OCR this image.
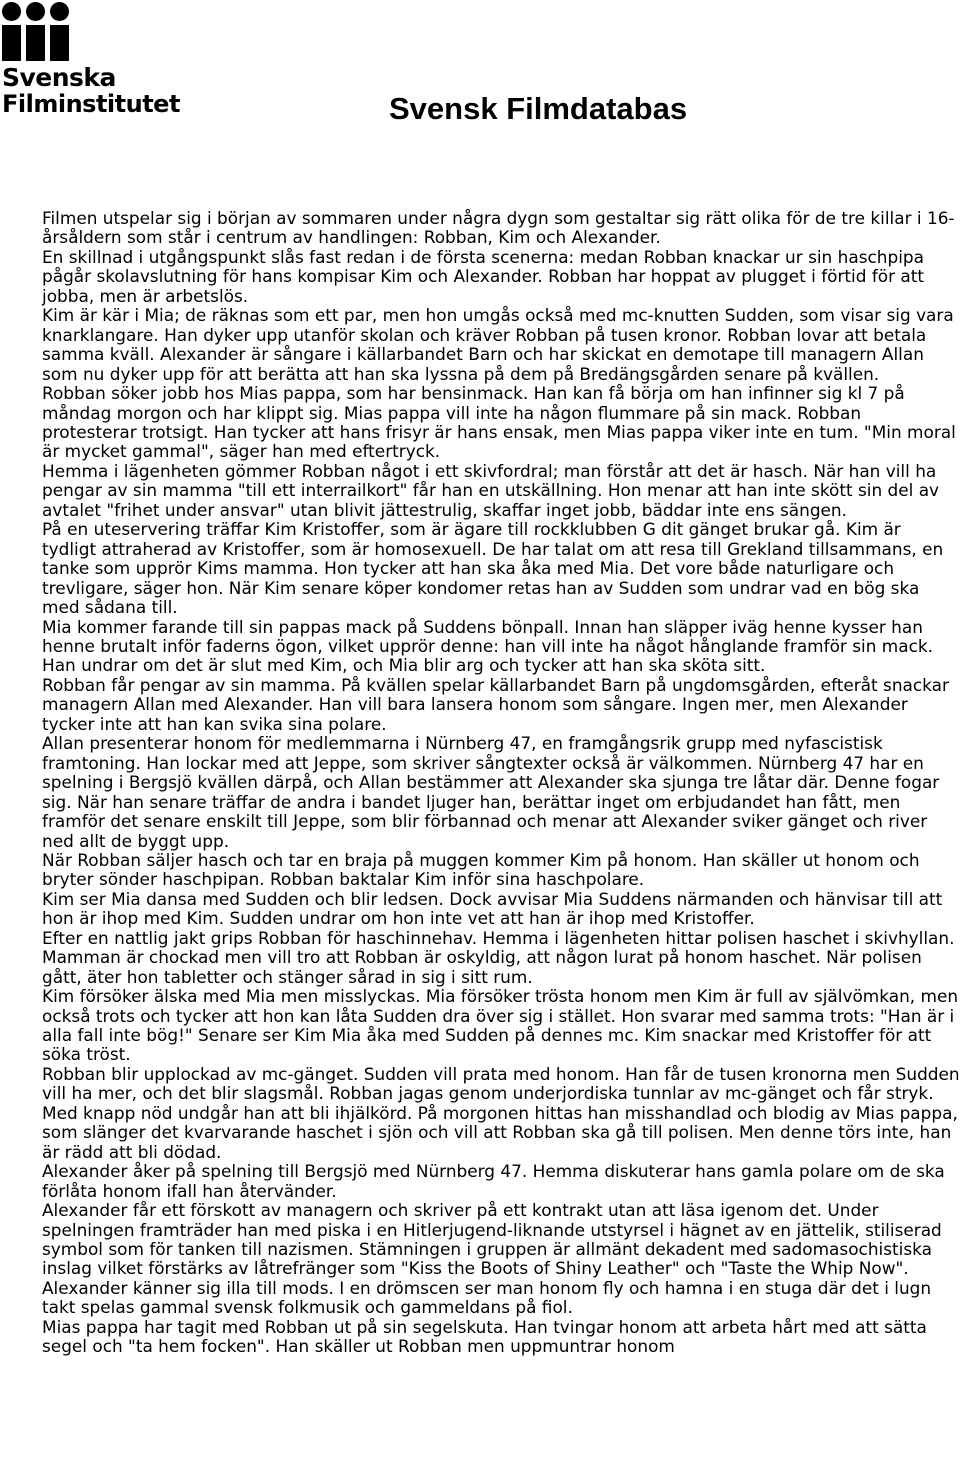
Svenska
Filminstitutet	Svensk Filmdatabas

Filmen utspelar sig i början av sommaren under några dygn som gestaltar sig rätt olika för de tre killar i 16-årsåldern som står i centrum av handlingen: Robban, Kim och Alexander.

En skillnad i utgångspunkt slås fast redan i de första scenerna: medan Robban knackar ur sin haschpipa pågår skolavslutning för hans kompisar Kim och Alexander. Robban har hoppat av plugget i förtid för att jobba, men är arbetslös.

Kim är kär i Mia; de räknas som ett par, men hon umgås också med mc-knutten Sudden, som visar sig vara knarklangare. Han dyker upp utanför skolan och kräver Robban på tusen kronor. Robban lovar att betala samma kväll. Alexander är sångare i källarbandet Barn och har skickat en demotape till managern Allan som nu dyker upp för att berätta att han ska lyssna på dem på Bredängsgården senare på kvällen.

Robban söker jobb hos Mias pappa, som har bensinmack. Han kan få börja om han infinner sig kl 7 på måndag morgon och har klippt sig. Mias pappa vill inte ha någon flummare på sin mack. Robban protesterar trotsigt. Han tycker att hans frisyr är hans ensak, men Mias pappa viker inte en tum. "Min moral är mycket gammal", säger han med eftertryck.

Hemma i lägenheten gömmer Robban något i ett skivfordral; man förstår att det är hasch. När han vill ha pengar av sin mamma "till ett interrailkort" får han en utskällning. Hon menar att han inte skött sin del av avtalet "frihet under ansvar" utan blivit jättestrulig, skaffar inget jobb, bäddar inte ens sängen.

På en uteservering träffar Kim Kristoffer, som är ägare till rockklubben G dit gänget brukar gå. Kim är tydligt attraherad av Kristoffer, som är homosexuell. De har talat om att resa till Grekland tillsammans, en tanke som upprör Kims mamma. Hon tycker att han ska åka med Mia. Det vore både naturligare och trevligare, säger hon. När Kim senare köper kondomer retas han av Sudden som undrar vad en bög ska med sådana till.

Mia kommer farande till sin pappas mack på Suddens bönpall. Innan han släpper iväg henne kysser han henne brutalt inför faderns ögon, vilket upprör denne: han vill inte ha något hånglande framför sin mack. Han undrar om det är slut med Kim, och Mia blir arg och tycker att han ska sköta sitt.

Robban får pengar av sin mamma. På kvällen spelar källarbandet Barn på ungdomsgården, efteråt snackar managern Allan med Alexander. Han vill bara lansera honom som sångare. Ingen mer, men Alexander tycker inte att han kan svika sina polare.

Allan presenterar honom för medlemmarna i Nürnberg 47, en framgångsrik grupp med nyfascistisk framtoning. Han lockar med att Jeppe, som skriver sångtexter också är välkommen. Nürnberg 47 har en spelning i Bergsjö kvällen därpå, och Allan bestämmer att Alexander ska sjunga tre låtar där. Denne fogar sig. När han senare träffar de andra i bandet ljuger han, berättar inget om erbjudandet han fått, men framför det senare enskilt till Jeppe, som blir förbannad och menar att Alexander sviker gänget och river ned allt de byggt upp.

När Robban säljer hasch och tar en braja på muggen kommer Kim på honom. Han skäller ut honom och bryter sönder haschpipan. Robban baktalar Kim inför sina haschpolare.

Kim ser Mia dansa med Sudden och blir ledsen. Dock avvisar Mia Suddens närmanden och hänvisar till att hon är ihop med Kim. Sudden undrar om hon inte vet att han är ihop med Kristoffer.

Efter en nattlig jakt grips Robban för haschinnehav. Hemma i lägenheten hittar polisen haschet i skivhyllan. Mamman är chockad men vill tro att Robban är oskyldig, att någon lurat på honom haschet. När polisen gått, äter hon tabletter och stänger sårad in sig i sitt rum.

Kim försöker älska med Mia men misslyckas. Mia försöker trösta honom men Kim är full av självömkan, men också trots och tycker att hon kan låta Sudden dra över sig i stället. Hon svarar med samma trots: "Han är i alla fall inte bög!" Senare ser Kim Mia åka med Sudden på dennes mc. Kim snackar med Kristoffer för att söka tröst.

Robban blir upplockad av mc-gänget. Sudden vill prata med honom. Han får de tusen kronorna men Sudden vill ha mer, och det blir slagsmål. Robban jagas genom underjordiska tunnlar av mc-gänget och får stryk. Med knapp nöd undgår han att bli ihjälkörd. På morgonen hittas han misshandlad och blodig av Mias pappa, som slänger det kvarvarande haschet i sjön och vill att Robban ska gå till polisen. Men denne törs inte, han är rädd att bli dödad.

Alexander åker på spelning till Bergsjö med Nürnberg 47. Hemma diskuterar hans gamla polare om de ska förlåta honom ifall han återvänder.

Alexander får ett förskott av managern och skriver på ett kontrakt utan att läsa igenom det. Under spelningen framträder han med piska i en Hitlerjugend-liknande utstyrsel i hägnet av en jättelik, stiliserad symbol som för tanken till nazismen. Stämningen i gruppen är allmänt dekadent med sadomasochistiska inslag vilket förstärks av låtrefränger som "Kiss the Boots of Shiny Leather" och "Taste the Whip Now".

Alexander känner sig illa till mods. I en drömscen ser man honom fly och hamna i en stuga där det i lugn takt spelas gammal svensk folkmusik och gammeldans på fiol.

Mias pappa har tagit med Robban ut på sin segelskuta. Han tvingar honom att arbeta hårt med att sätta segel och "ta hem focken". Han skäller ut Robban men uppmuntrar honom
